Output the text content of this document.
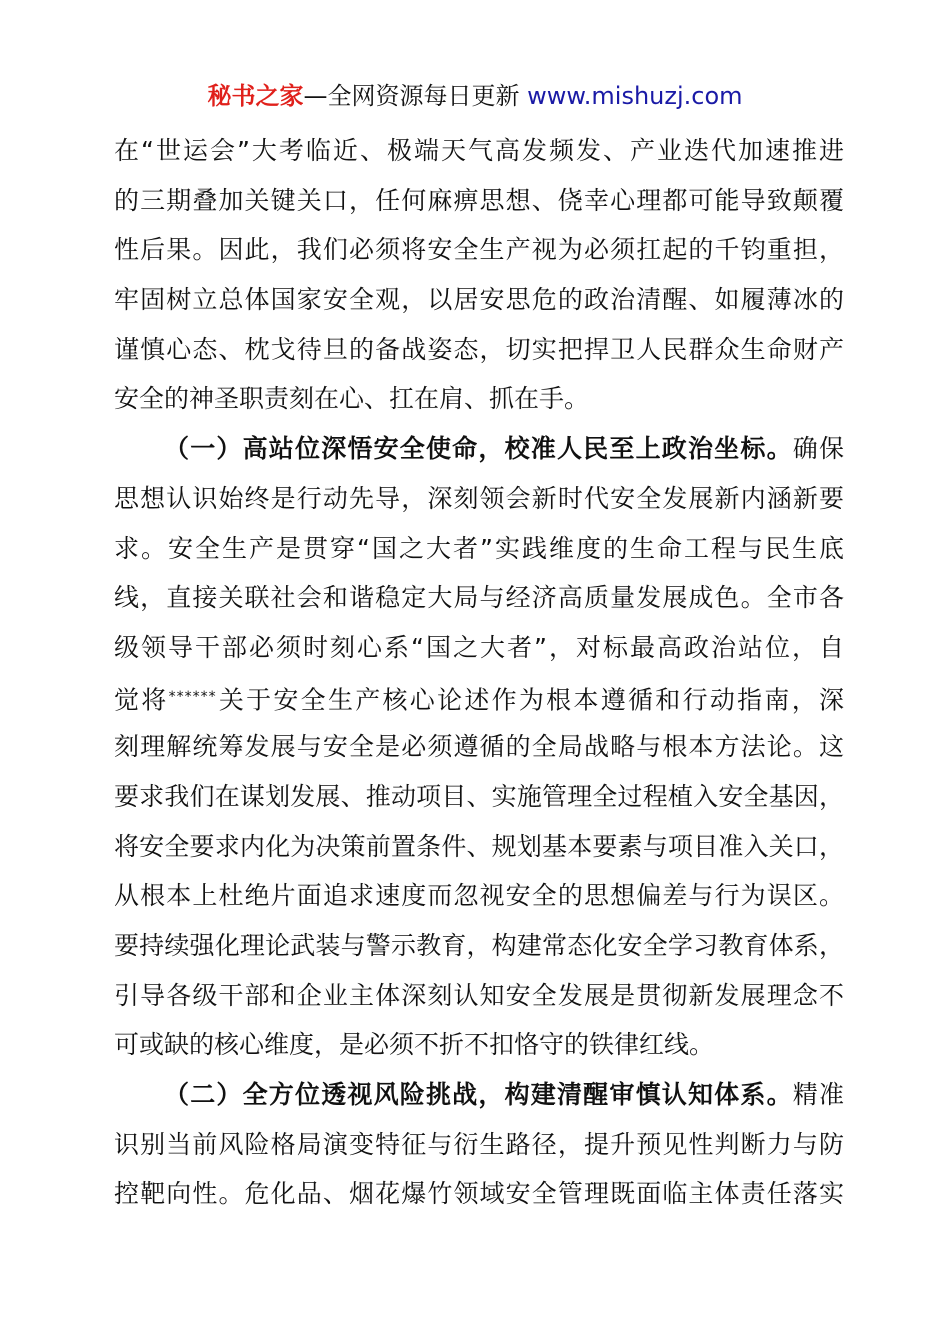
秘书之家—全网资源每日更新 www.mishuzj.com
在“世运会”大考临近、极端天气高发频发、产业迭代加速推进
的三期叠加关键关口，任何麻痹思想、侥幸心理都可能导致颠覆
性后果。因此，我们必须将安全生产视为必须扛起的千钧重担，
牢固树立总体国家安全观，以居安思危的政治清醒、如履薄冰的
谨慎心态、枕戈待旦的备战姿态，切实把捍卫人民群众生命财产
安全的神圣职责刻在心、扛在肩、抓在手。
（一）高站位深悟安全使命，校准人民至上政治坐标。确保
思想认识始终是行动先导，深刻领会新时代安全发展新内涵新要
求。安全生产是贯穿“国之大者”实践维度的生命工程与民生底
线，直接关联社会和谐稳定大局与经济高质量发展成色。全市各
级领导干部必须时刻心系“国之大者”，对标最高政治站位，自
觉将******关于安全生产核心论述作为根本遵循和行动指南，深
刻理解统筹发展与安全是必须遵循的全局战略与根本方法论。这
要求我们在谋划发展、推动项目、实施管理全过程植入安全基因，
将安全要求内化为决策前置条件、规划基本要素与项目准入关口，
从根本上杜绝片面追求速度而忽视安全的思想偏差与行为误区。
要持续强化理论武装与警示教育，构建常态化安全学习教育体系，
引导各级干部和企业主体深刻认知安全发展是贯彻新发展理念不
可或缺的核心维度，是必须不折不扣恪守的铁律红线。
（二）全方位透视风险挑战，构建清醒审慎认知体系。精准
识别当前风险格局演变特征与衍生路径，提升预见性判断力与防
控靶向性。危化品、烟花爆竹领域安全管理既面临主体责任落实
